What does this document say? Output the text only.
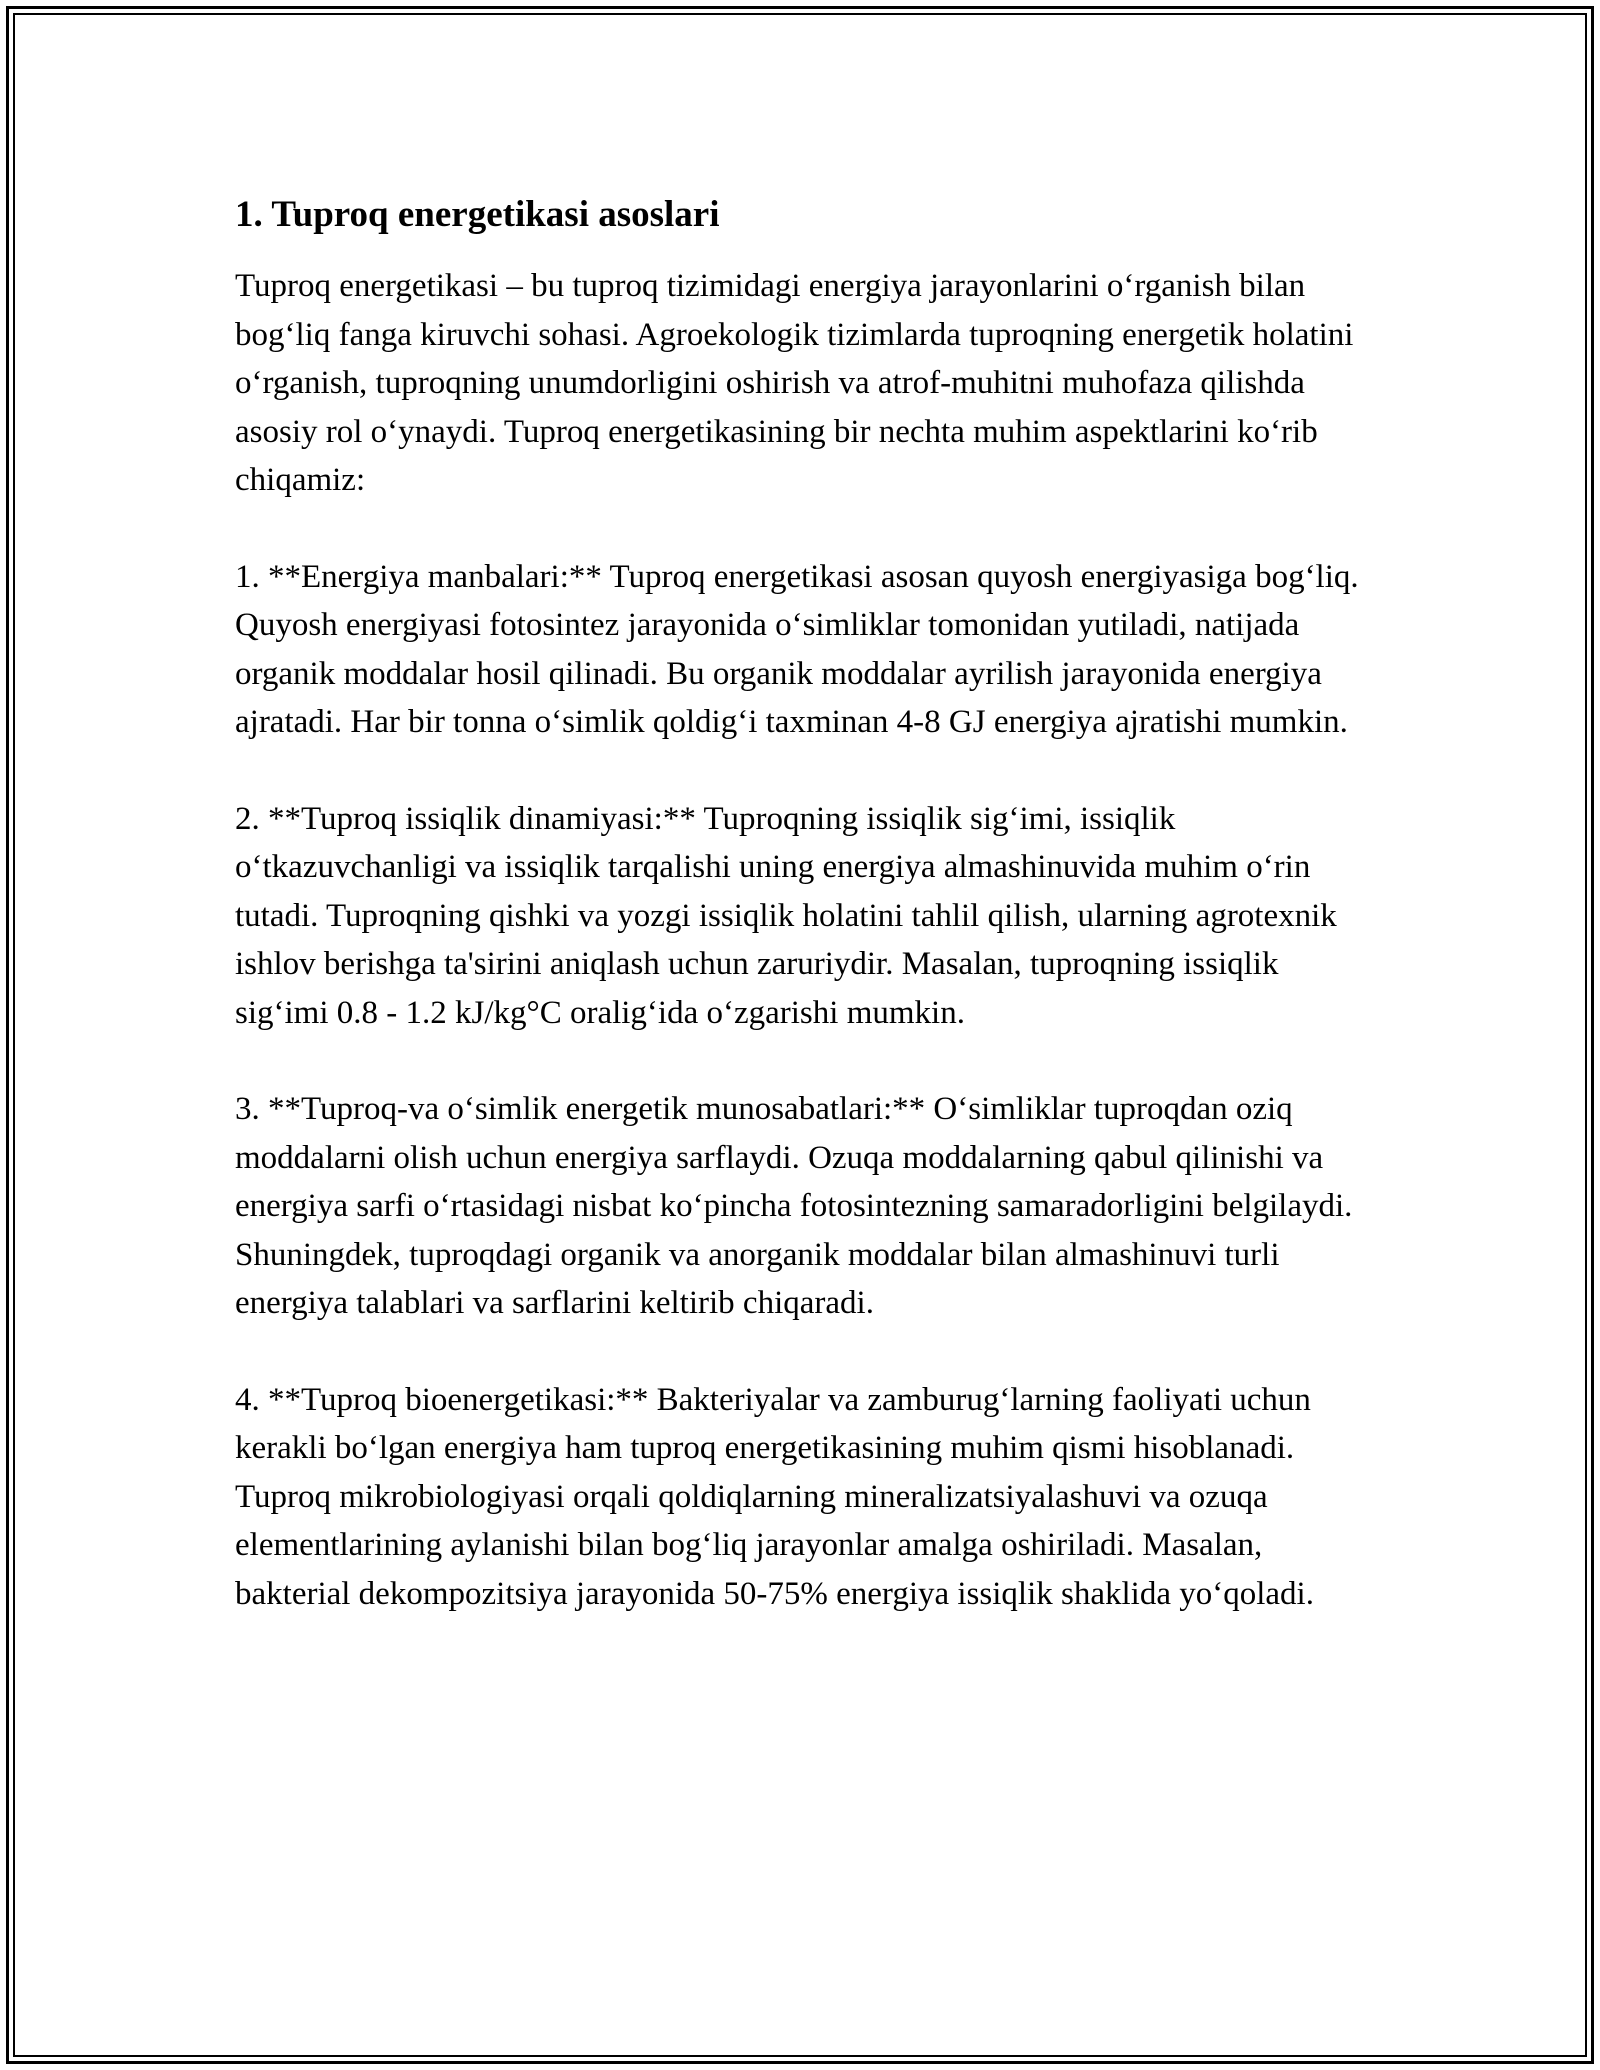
1. Tuproq energetikasi asoslari

Tuproq energetikasi – bu tuproq tizimidagi energiya jarayonlarini o‘rganish bilan bog‘liq fanga kiruvchi sohasi. Agroekologik tizimlarda tuproqning energetik holatini o‘rganish, tuproqning unumdorligini oshirish va atrof-muhitni muhofaza qilishda asosiy rol o‘ynaydi. Tuproq energetikasining bir nechta muhim aspektlarini ko‘rib chiqamiz:

1. **Energiya manbalari:** Tuproq energetikasi asosan quyosh energiyasiga bog‘liq. Quyosh energiyasi fotosintez jarayonida o‘simliklar tomonidan yutiladi, natijada organik moddalar hosil qilinadi. Bu organik moddalar ayrilish jarayonida energiya ajratadi. Har bir tonna o‘simlik qoldig‘i taxminan 4-8 GJ energiya ajratishi mumkin.

2. **Tuproq issiqlik dinamiyasi:** Tuproqning issiqlik sig‘imi, issiqlik o‘tkazuvchanligi va issiqlik tarqalishi uning energiya almashinuvida muhim o‘rin tutadi. Tuproqning qishki va yozgi issiqlik holatini tahlil qilish, ularning agrotexnik ishlov berishga ta'sirini aniqlash uchun zaruriydir. Masalan, tuproqning issiqlik sig‘imi 0.8 - 1.2 kJ/kg°C oralig‘ida o‘zgarishi mumkin.

3. **Tuproq-va o‘simlik energetik munosabatlari:** O‘simliklar tuproqdan oziq moddalarni olish uchun energiya sarflaydi. Ozuqa moddalarning qabul qilinishi va energiya sarfi o‘rtasidagi nisbat ko‘pincha fotosintezning samaradorligini belgilaydi. Shuningdek, tuproqdagi organik va anorganik moddalar bilan almashinuvi turli energiya talablari va sarflarini keltirib chiqaradi.

4. **Tuproq bioenergetikasi:** Bakteriyalar va zamburug‘larning faoliyati uchun kerakli bo‘lgan energiya ham tuproq energetikasining muhim qismi hisoblanadi. Tuproq mikrobiologiyasi orqali qoldiqlarning mineralizatsiyalashuvi va ozuqa elementlarining aylanishi bilan bog‘liq jarayonlar amalga oshiriladi. Masalan, bakterial dekompozitsiya jarayonida 50-75% energiya issiqlik shaklida yo‘qoladi.
